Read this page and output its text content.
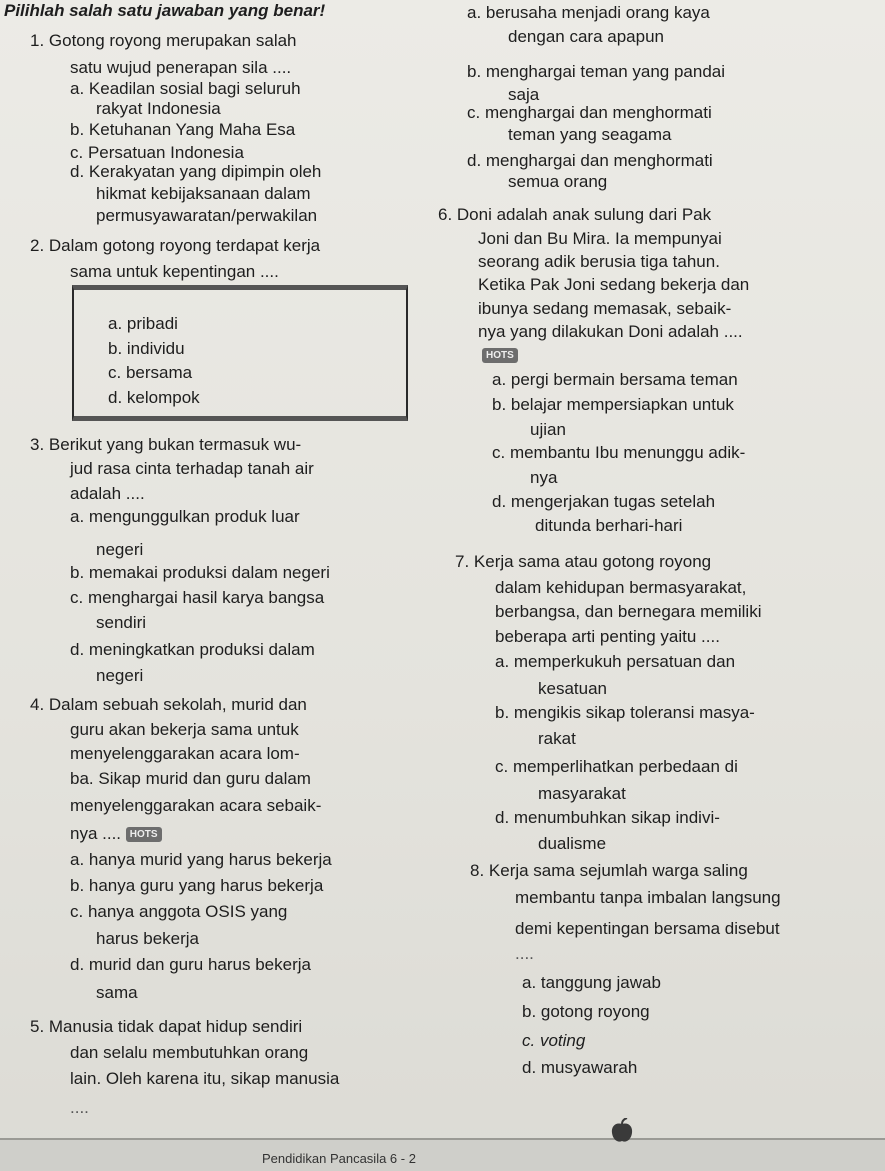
Pilihlah salah satu jawaban yang benar!
1. Gotong royong merupakan salah
satu wujud penerapan sila ....
a. Keadilan sosial bagi seluruh
rakyat Indonesia
b. Ketuhanan Yang Maha Esa
c. Persatuan Indonesia
d. Kerakyatan yang dipimpin oleh
hikmat kebijaksanaan dalam
permusyawaratan/perwakilan
2. Dalam gotong royong terdapat kerja
sama untuk kepentingan ....
a. pribadi
b. individu
c. bersama
d. kelompok
3. Berikut yang bukan termasuk wu-
jud rasa cinta terhadap tanah air
adalah ....
a. mengunggulkan produk luar
negeri
b. memakai produksi dalam negeri
c. menghargai hasil karya bangsa
sendiri
d. meningkatkan produksi dalam
negeri
4. Dalam sebuah sekolah, murid dan
guru akan bekerja sama untuk
menyelenggarakan acara lom-
ba. Sikap murid dan guru dalam
menyelenggarakan acara sebaik-
nya .... HOTS
a. hanya murid yang harus bekerja
b. hanya guru yang harus bekerja
c. hanya anggota OSIS yang
harus bekerja
d. murid dan guru harus bekerja
sama
5. Manusia tidak dapat hidup sendiri
dan selalu membutuhkan orang
lain. Oleh karena itu, sikap manusia
....
a. berusaha menjadi orang kaya
dengan cara apapun
b. menghargai teman yang pandai
saja
c. menghargai dan menghormati
teman yang seagama
d. menghargai dan menghormati
semua orang
6. Doni adalah anak sulung dari Pak
Joni dan Bu Mira. Ia mempunyai
seorang adik berusia tiga tahun.
Ketika Pak Joni sedang bekerja dan
ibunya sedang memasak, sebaik-
nya yang dilakukan Doni adalah ....
HOTS
a. pergi bermain bersama teman
b. belajar mempersiapkan untuk
ujian
c. membantu Ibu menunggu adik-
nya
d. mengerjakan tugas setelah
ditunda berhari-hari
7. Kerja sama atau gotong royong
dalam kehidupan bermasyarakat,
berbangsa, dan bernegara memiliki
beberapa arti penting yaitu ....
a. memperkukuh persatuan dan
kesatuan
b. mengikis sikap toleransi masya-
rakat
c. memperlihatkan perbedaan di
masyarakat
d. menumbuhkan sikap indivi-
dualisme
8. Kerja sama sejumlah warga saling
membantu tanpa imbalan langsung
demi kepentingan bersama disebut
....
a. tanggung jawab
b. gotong royong
c. voting
d. musyawarah
Pendidikan Pancasila 6 - 2
